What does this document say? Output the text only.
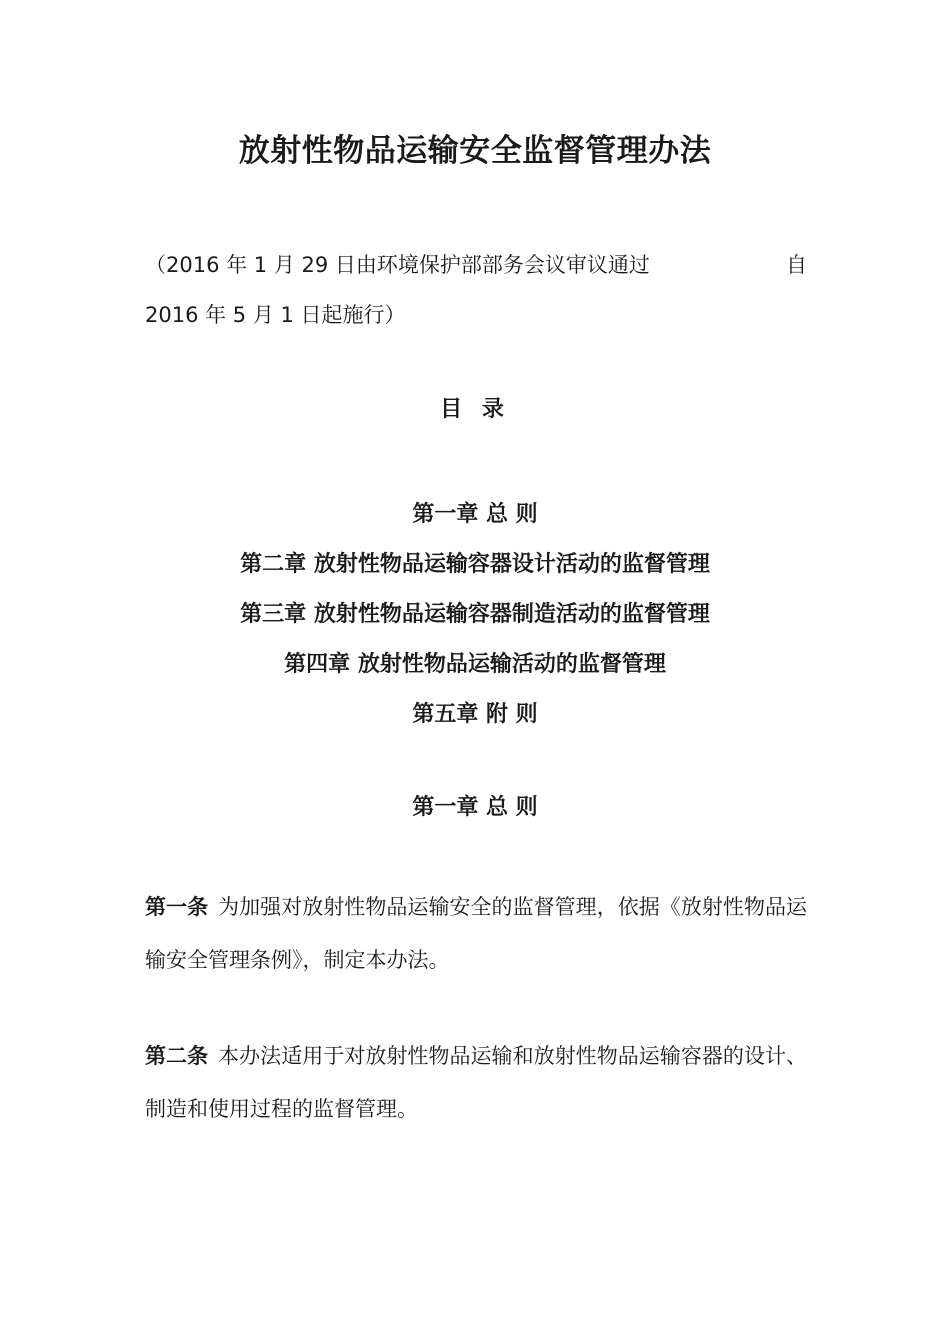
放射性物品运输安全监督管理办法
（2016 年 1 月 29 日由环境保护部部务会议审议通过	自
2016 年 5 月 1 日起施行）
目 录
第一章 总 则
第二章 放射性物品运输容器设计活动的监督管理
第三章 放射性物品运输容器制造活动的监督管理
第四章 放射性物品运输活动的监督管理
第五章 附 则
第一章 总 则

第一条 为加强对放射性物品运输安全的监督管理，依据《放射性物品运输安全管理条例》，制定本办法。

第二条 本办法适用于对放射性物品运输和放射性物品运输容器的设计、制造和使用过程的监督管理。
